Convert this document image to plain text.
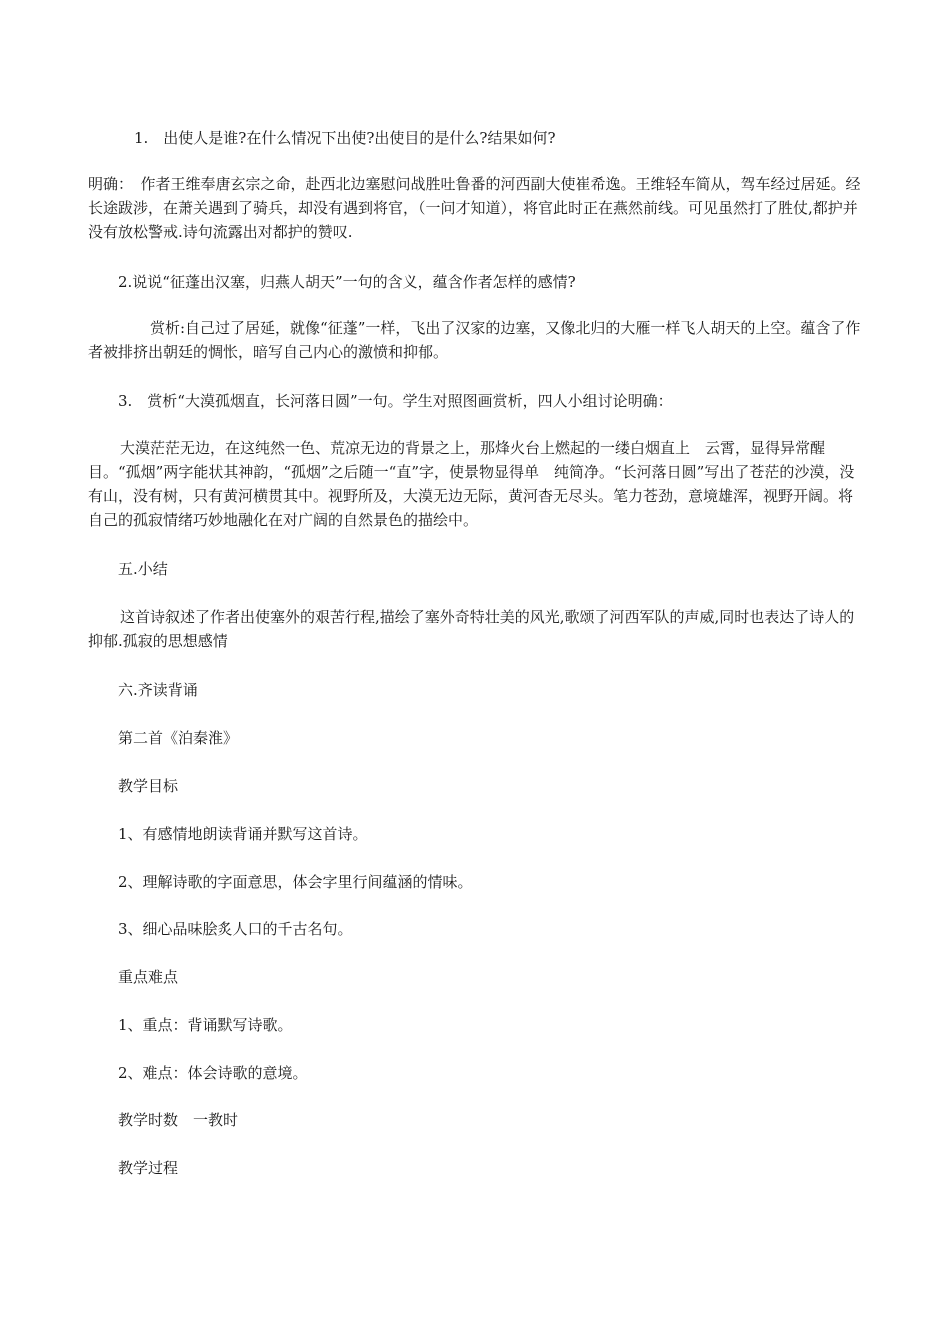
1.　出使人是谁?在什么情况下出使?出使目的是什么?结果如何?

明确：　作者王维奉唐玄宗之命，赴西北边塞慰问战胜吐鲁番的河西副大使崔希逸。王维轻车简从，驾车经过居延。经长途跋涉，在萧关遇到了骑兵，却没有遇到将官，（一问才知道），将官此时正在燕然前线。可见虽然打了胜仗,都护并没有放松警戒.诗句流露出对都护的赞叹.

2.说说“征蓬出汉塞，归燕人胡天”一句的含义，蕴含作者怎样的感情?

赏析:自己过了居延，就像“征蓬”一样，飞出了汉家的边塞，又像北归的大雁一样飞人胡天的上空。蕴含了作者被排挤出朝廷的惆怅，暗写自己内心的激愤和抑郁。

3.　赏析“大漠孤烟直，长河落日圆”一句。学生对照图画赏析，四人小组讨论明确：

大漠茫茫无边，在这纯然一色、荒凉无边的背景之上，那烽火台上燃起的一缕白烟直上　云霄，显得异常醒目。“孤烟”两字能状其神韵，“孤烟”之后随一“直”字，使景物显得单　纯简净。“长河落日圆”写出了苍茫的沙漠，没有山，没有树，只有黄河横贯其中。视野所及，大漠无边无际，黄河杳无尽头。笔力苍劲，意境雄浑，视野开阔。将自己的孤寂情绪巧妙地融化在对广阔的自然景色的描绘中。

五.小结

这首诗叙述了作者出使塞外的艰苦行程,描绘了塞外奇特壮美的风光,歌颂了河西军队的声威,同时也表达了诗人的抑郁.孤寂的思想感情

六.齐读背诵

第二首《泊秦淮》

教学目标

1、有感情地朗读背诵并默写这首诗。

2、理解诗歌的字面意思，体会字里行间蕴涵的情味。

3、细心品味脍炙人口的千古名句。

重点难点

1、重点：背诵默写诗歌。

2、难点：体会诗歌的意境。

教学时数　一教时

教学过程
